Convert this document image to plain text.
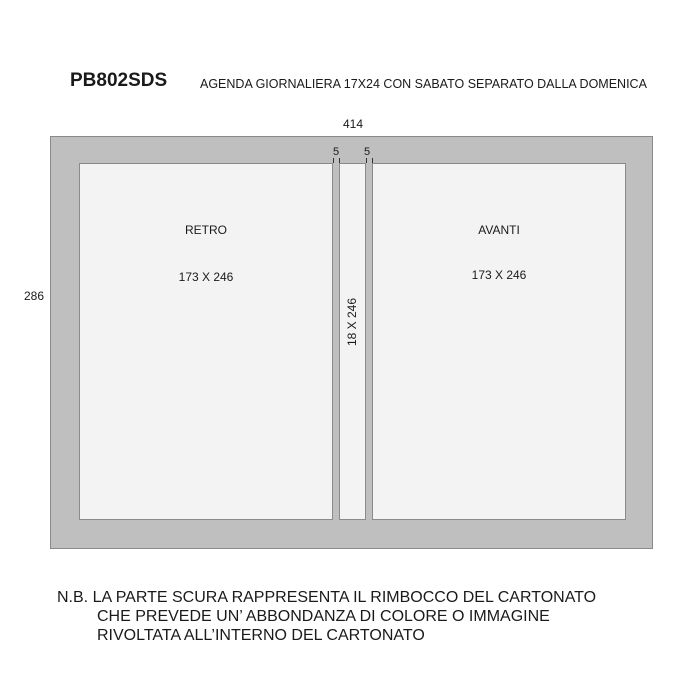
PB802SDS	AGENDA GIORNALIERA 17X24 CON SABATO SEPARATO DALLA DOMENICA
414
286
5 5
RETRO
173 X 246
AVANTI
173 X 246
18 X 246
N.B. LA PARTE SCURA RAPPRESENTA IL RIMBOCCO DEL CARTONATO
CHE PREVEDE UN’ ABBONDANZA DI COLORE O IMMAGINE
RIVOLTATA ALL’INTERNO DEL CARTONATO
